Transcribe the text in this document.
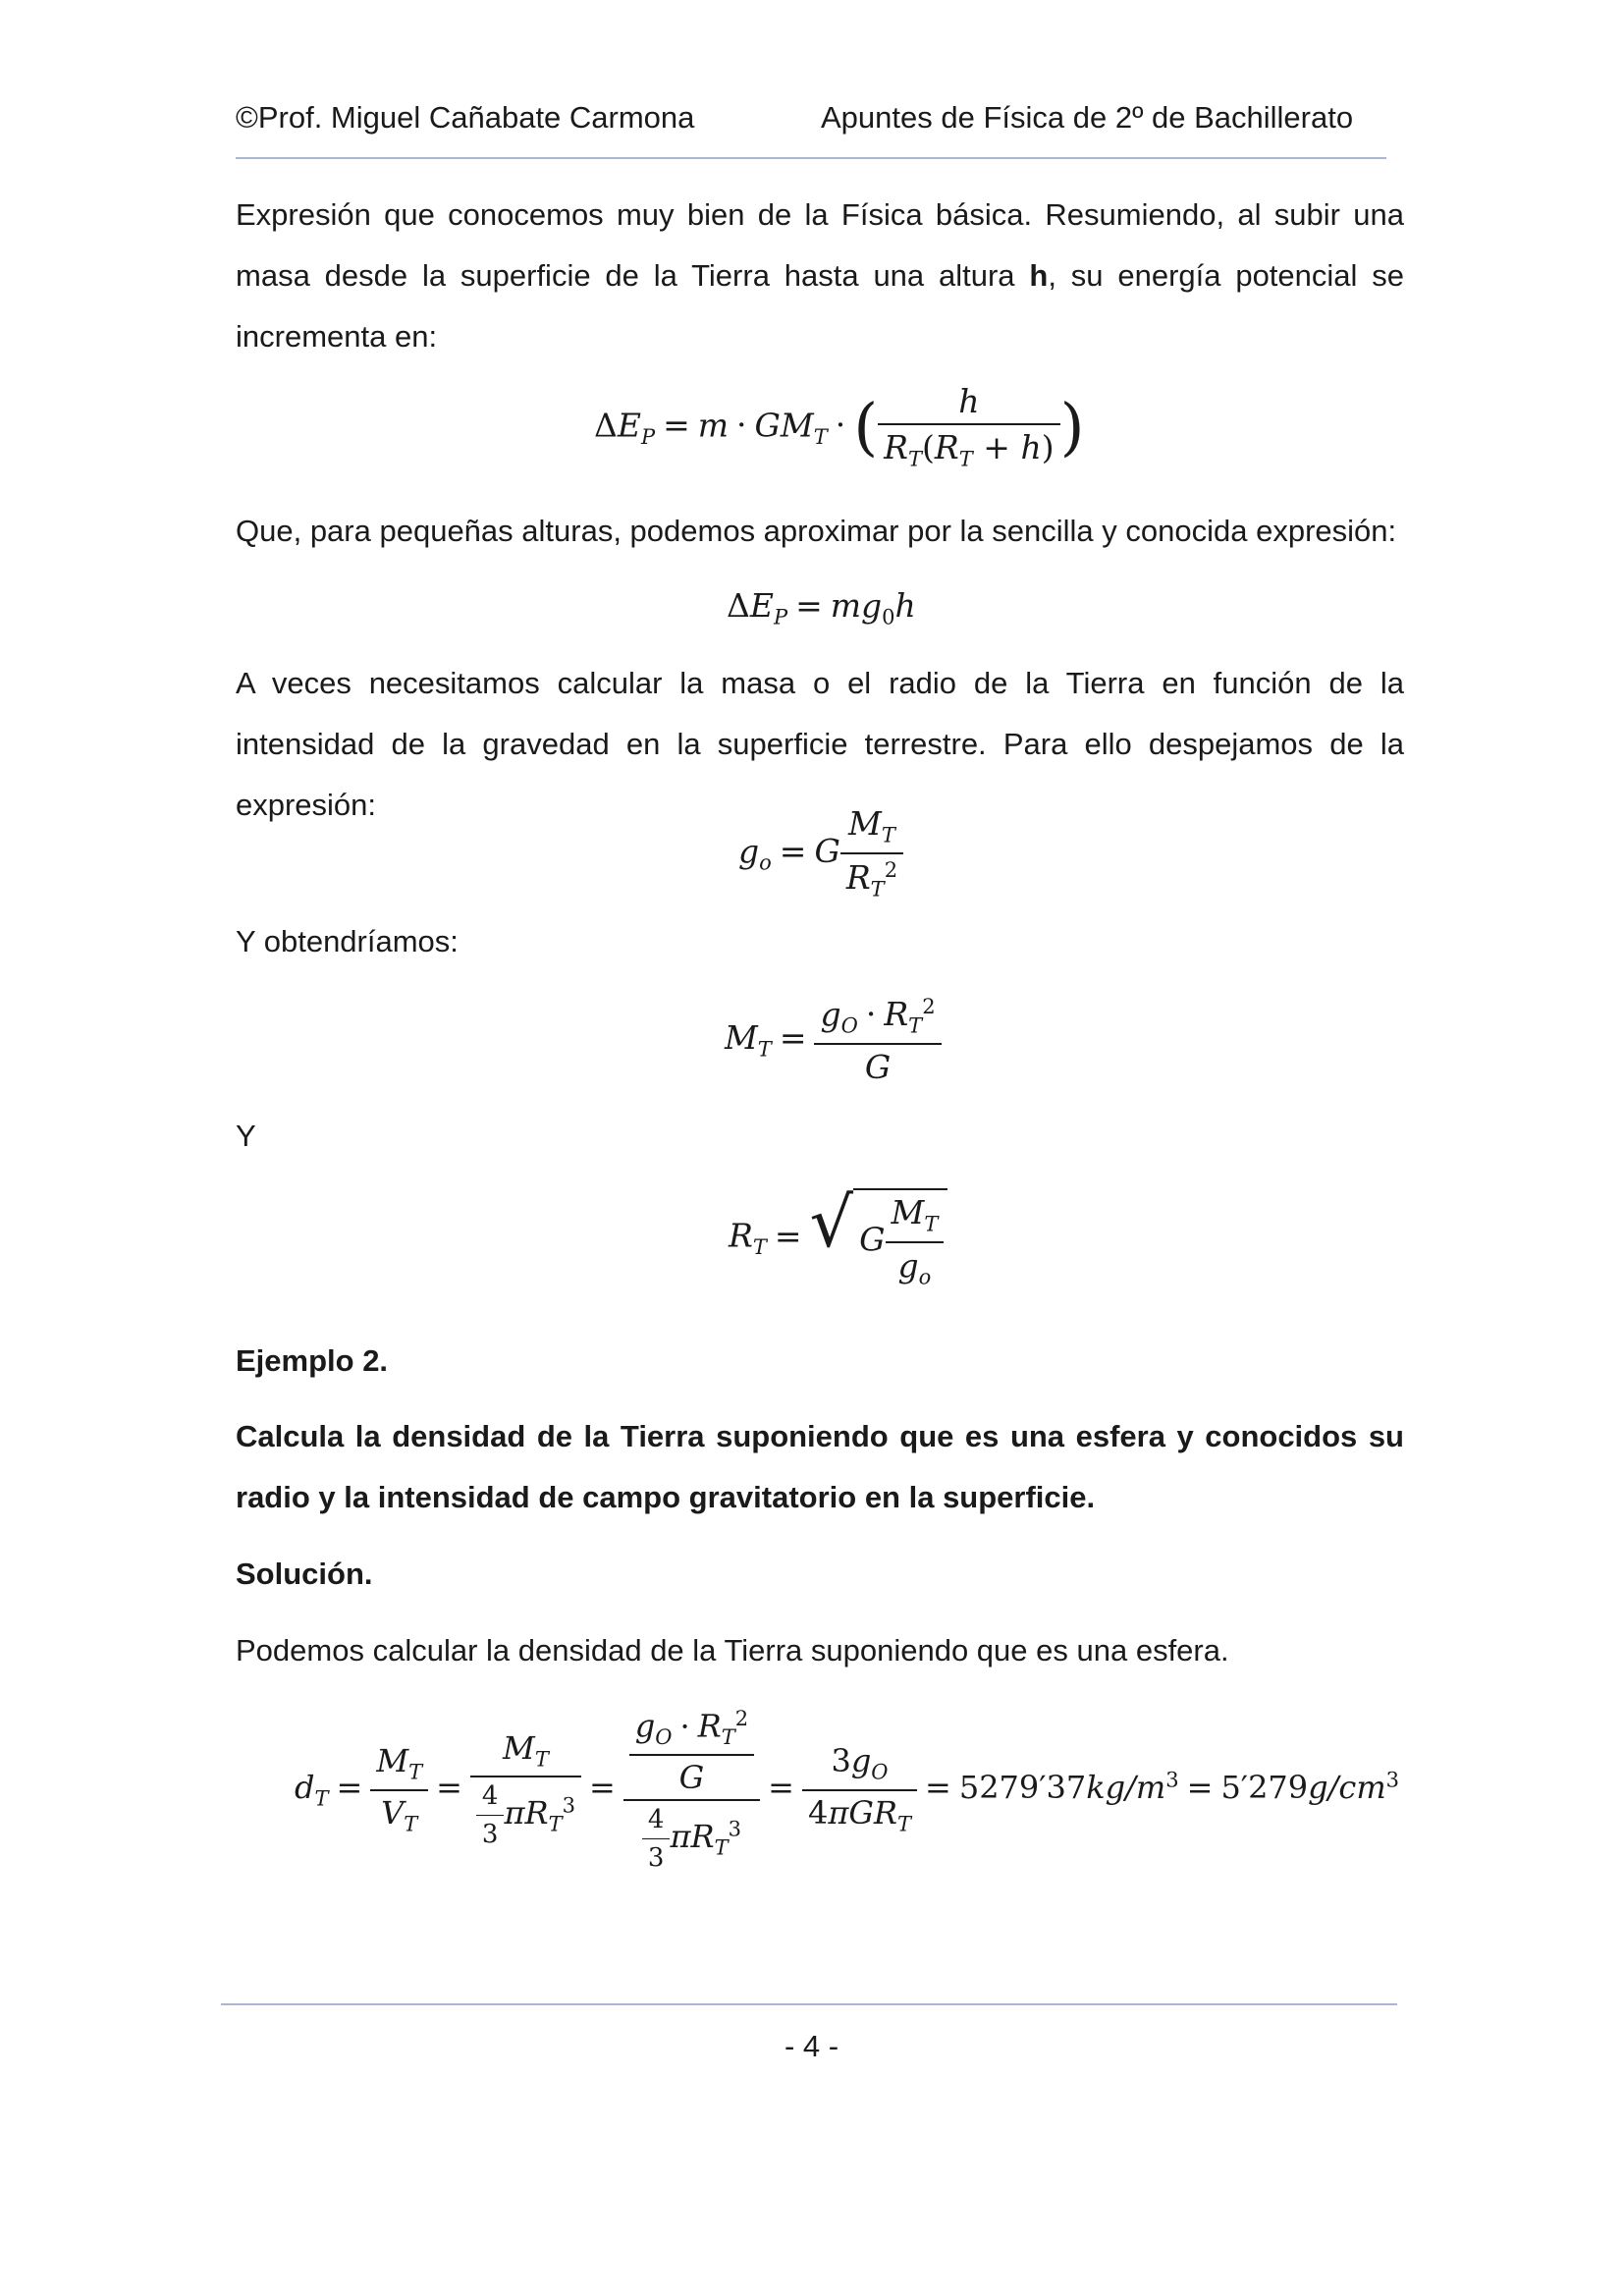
©Prof. Miguel Cañabate Carmona	Apuntes de Física de 2º de Bachillerato

Expresión que conocemos muy bien de la Física básica. Resumiendo, al subir una masa desde la superficie de la Tierra hasta una altura h, su energía potencial se incrementa en:

$\Delta E_P = m \cdot GM_T$ · ( $\frac{h}{R_T(R_T + h)}$ )

Que, para pequeñas alturas, podemos aproximar por la sencilla y conocida expresión:

$\Delta E_P = mg_0h$

A veces necesitamos calcular la masa o el radio de la Tierra en función de la intensidad de la gravedad en la superficie terrestre. Para ello despejamos de la expresión:

$g_o = G \frac{M_T}{R_T^2}$

Y obtendríamos:

$M_T = \frac{g_O \cdot R_T^2}{G}$

Y

$R_T$ = √ G $\frac{M_T}{g_o}$

Ejemplo 2.

Calcula la densidad de la Tierra suponiendo que es una esfera y conocidos su radio y la intensidad de campo gravitatorio en la superficie.

Solución.

Podemos calcular la densidad de la Tierra suponiendo que es una esfera.

$d_T = \frac{M_T}{V_T} = \frac{M_T}{\frac{4}{3} \pi R_T^3} = \frac{\frac{g_O \cdot R_T^2}{G}}{\frac{4}{3} \pi R_T^3} = \frac{3g_O}{4\pi GR_T} = 5279'37kg/m^3 = 5'279g/cm^3$
- 4 -
